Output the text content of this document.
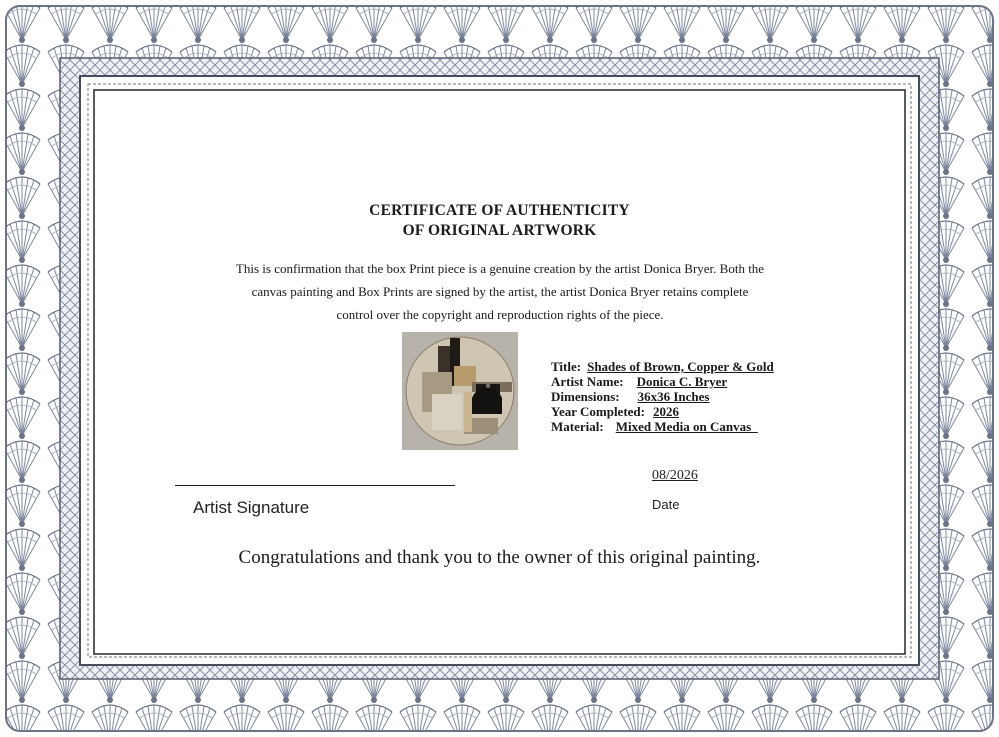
CERTIFICATE OF AUTHENTICITY
OF ORIGINAL ARTWORK
This is confirmation that the box Print piece is a genuine creation by the artist Donica Bryer. Both the
canvas painting and Box Prints are signed by the artist, the artist Donica Bryer retains complete
control over the copyright and reproduction rights of the piece.
Title: Shades of Brown, Copper & Gold
Artist Name: Donica C. Bryer
Dimensions: 36x36 Inches
Year Completed: 2026
Material: Mixed Media on Canvas_
Artist Signature
08/2026
Date
Congratulations and thank you to the owner of this original painting.
